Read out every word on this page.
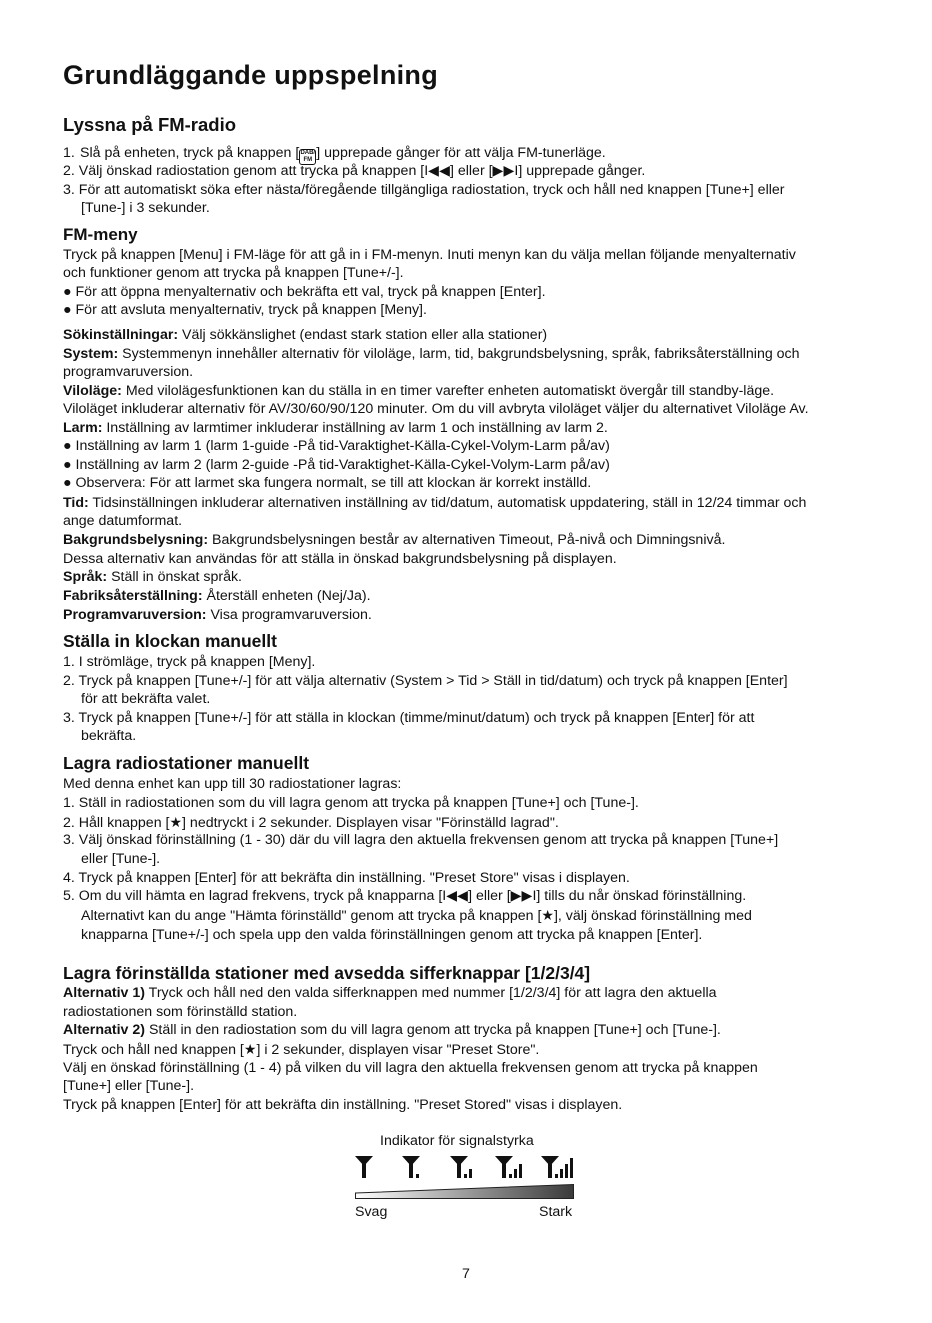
Grundläggande uppspelning
Lyssna på FM-radio

1. Slå på enheten, tryck på knappen [ DAB/
FM ] upprepade gånger för att välja FM-tunerläge.

2. Välj önskad radiostation genom att trycka på knappen [I◀◀] eller [▶▶I] upprepade gånger.

3. För att automatiskt söka efter nästa/föregående tillgängliga radiostation, tryck och håll ned knappen [Tune+] eller

[Tune-] i 3 sekunder.

FM-meny

Tryck på knappen [Menu] i FM-läge för att gå in i FM-menyn. Inuti menyn kan du välja mellan följande menyalternativ

och funktioner genom att trycka på knappen [Tune+/-].

● För att öppna menyalternativ och bekräfta ett val, tryck på knappen [Enter].

● För att avsluta menyalternativ, tryck på knappen [Meny].

Sökinställningar: Välj sökkänslighet (endast stark station eller alla stationer)

System: Systemmenyn innehåller alternativ för viloläge, larm, tid, bakgrundsbelysning, språk, fabriksåterställning och

programvaruversion.

Viloläge: Med vilolägesfunktionen kan du ställa in en timer varefter enheten automatiskt övergår till standby-läge.

Viloläget inkluderar alternativ för AV/30/60/90/120 minuter. Om du vill avbryta viloläget väljer du alternativet Viloläge Av.

Larm: Inställning av larmtimer inkluderar inställning av larm 1 och inställning av larm 2.

● Inställning av larm 1 (larm 1-guide -På tid-Varaktighet-Källa-Cykel-Volym-Larm på/av)

● Inställning av larm 2 (larm 2-guide -På tid-Varaktighet-Källa-Cykel-Volym-Larm på/av)

● Observera: För att larmet ska fungera normalt, se till att klockan är korrekt inställd.

Tid: Tidsinställningen inkluderar alternativen inställning av tid/datum, automatisk uppdatering, ställ in 12/24 timmar och

ange datumformat.

Bakgrundsbelysning: Bakgrundsbelysningen består av alternativen Timeout, På-nivå och Dimningsnivå.

Dessa alternativ kan användas för att ställa in önskad bakgrundsbelysning på displayen.

Språk: Ställ in önskat språk.

Fabriksåterställning: Återställ enheten (Nej/Ja).

Programvaruversion: Visa programvaruversion.

Ställa in klockan manuellt

1. I strömläge, tryck på knappen [Meny].

2. Tryck på knappen [Tune+/-] för att välja alternativ (System > Tid > Ställ in tid/datum) och tryck på knappen [Enter]

för att bekräfta valet.

3. Tryck på knappen [Tune+/-] för att ställa in klockan (timme/minut/datum) och tryck på knappen [Enter] för att

bekräfta.

Lagra radiostationer manuellt

Med denna enhet kan upp till 30 radiostationer lagras:

1. Ställ in radiostationen som du vill lagra genom att trycka på knappen [Tune+] och [Tune-].

2. Håll knappen [★] nedtryckt i 2 sekunder. Displayen visar "Förinställd lagrad".

3. Välj önskad förinställning (1 - 30) där du vill lagra den aktuella frekvensen genom att trycka på knappen [Tune+]

eller [Tune-].

4. Tryck på knappen [Enter] för att bekräfta din inställning. "Preset Store" visas i displayen.

5. Om du vill hämta en lagrad frekvens, tryck på knapparna [I◀◀] eller [▶▶I] tills du når önskad förinställning.

Alternativt kan du ange "Hämta förinställd" genom att trycka på knappen [★], välj önskad förinställning med

knapparna [Tune+/-] och spela upp den valda förinställningen genom att trycka på knappen [Enter].

Lagra förinställda stationer med avsedda sifferknappar [1/2/3/4]

Alternativ 1) Tryck och håll ned den valda sifferknappen med nummer [1/2/3/4] för att lagra den aktuella

radiostationen som förinställd station.

Alternativ 2) Ställ in den radiostation som du vill lagra genom att trycka på knappen [Tune+] och [Tune-].

Tryck och håll ned knappen [★] i 2 sekunder, displayen visar "Preset Store".

Välj en önskad förinställning (1 - 4) på vilken du vill lagra den aktuella frekvensen genom att trycka på knappen

[Tune+] eller [Tune-].

Tryck på knappen [Enter] för att bekräfta din inställning. "Preset Stored" visas i displayen.

Indikator för signalstyrka
Svag	Stark
7
